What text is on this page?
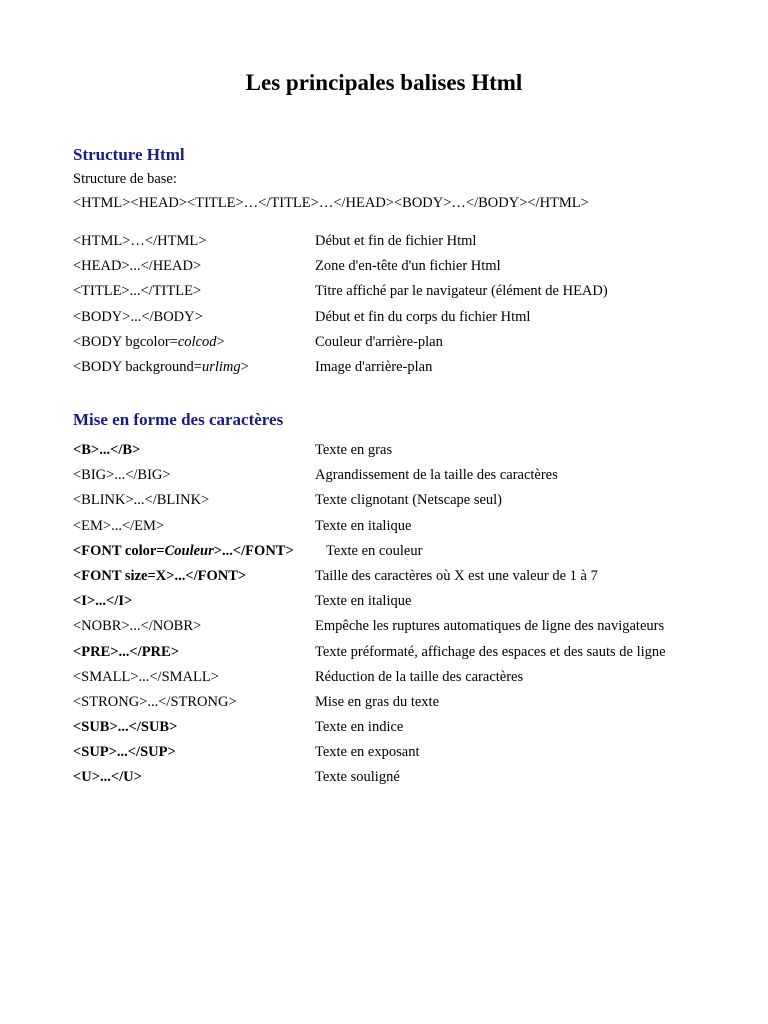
Les principales balises Html
Structure Html
Structure de base:
<HTML><HEAD><TITLE>…</TITLE>…</HEAD><BODY>…</BODY></HTML>
<HTML>…</HTML>	Début et fin de fichier Html
<HEAD>...</HEAD>	Zone d'en-tête d'un fichier Html
<TITLE>...</TITLE>	Titre affiché par le navigateur (élément de HEAD)
<BODY>...</BODY>	Début et fin du corps du fichier Html
<BODY bgcolor=colcod>	Couleur d'arrière-plan
<BODY background=urlimg>	Image d'arrière-plan
Mise en forme des caractères
<B>...</B>	Texte en gras
<BIG>...</BIG>	Agrandissement de la taille des caractères
<BLINK>...</BLINK>	Texte clignotant (Netscape seul)
<EM>...</EM>	Texte en italique
<FONT color=Couleur>...</FONT> Texte en couleur
<FONT size=X>...</FONT>	Taille des caractères où X est une valeur de 1 à 7
<I>...</I>	Texte en italique
<NOBR>...</NOBR>	Empêche les ruptures automatiques de ligne des navigateurs
<PRE>...</PRE>	Texte préformaté, affichage des espaces et des sauts de ligne
<SMALL>...</SMALL>	Réduction de la taille des caractères
<STRONG>...</STRONG>	Mise en gras du texte
<SUB>...</SUB>	Texte en indice
<SUP>...</SUP>	Texte en exposant
<U>...</U>	Texte souligné
